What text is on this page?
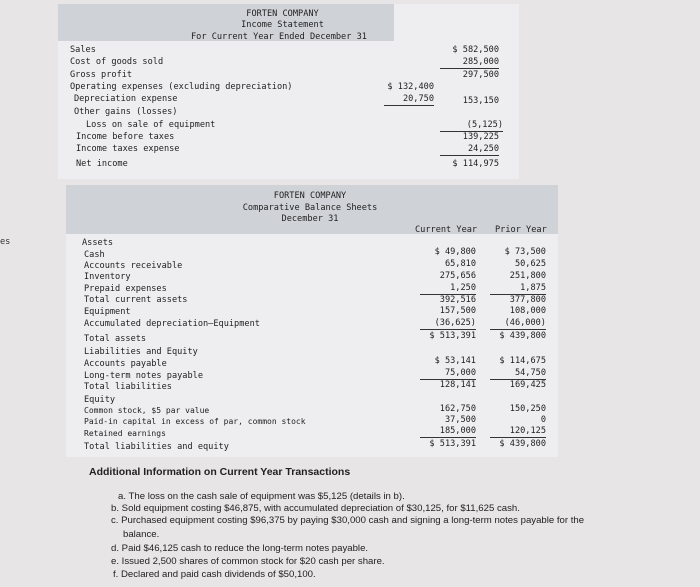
FORTEN COMPANY
Income Statement
For Current Year Ended December 31
Sales	$ 582,500
Cost of goods sold	285,000
Gross profit	297,500
Operating expenses (excluding depreciation)	$ 132,400
Depreciation expense	20,750	153,150
Other gains (losses)
Loss on sale of equipment	(5,125)
Income before taxes	139,225
Income taxes expense	24,250
Net income	$ 114,975
FORTEN COMPANY
Comparative Balance Sheets
December 31
Current Year Prior Year
es	Assets
Cash	$ 49,800	$ 73,500
Accounts receivable	65,810	50,625
Inventory	275,656	251,800
Prepaid expenses	1,250	1,875
Total current assets	392,516	377,800
Equipment	157,500	108,000
Accumulated depreciation–Equipment	(36,625)	(46,000)
Total assets	$ 513,391	$ 439,800
Liabilities and Equity
Accounts payable	$ 53,141	$ 114,675
Long-term notes payable	75,000	54,750
Total liabilities	128,141	169,425
Equity
Common stock, $5 par value	162,750	150,250
Paid-in capital in excess of par, common stock	37,500	0
Retained earnings	185,000	120,125
Total liabilities and equity	$ 513,391	$ 439,800
Additional Information on Current Year Transactions
a. The loss on the cash sale of equipment was $5,125 (details in b).
b. Sold equipment costing $46,875, with accumulated depreciation of $30,125, for $11,625 cash.
c. Purchased equipment costing $96,375 by paying $30,000 cash and signing a long-term notes payable for the
balance.
d. Paid $46,125 cash to reduce the long-term notes payable.
e. Issued 2,500 shares of common stock for $20 cash per share.
f. Declared and paid cash dividends of $50,100.
